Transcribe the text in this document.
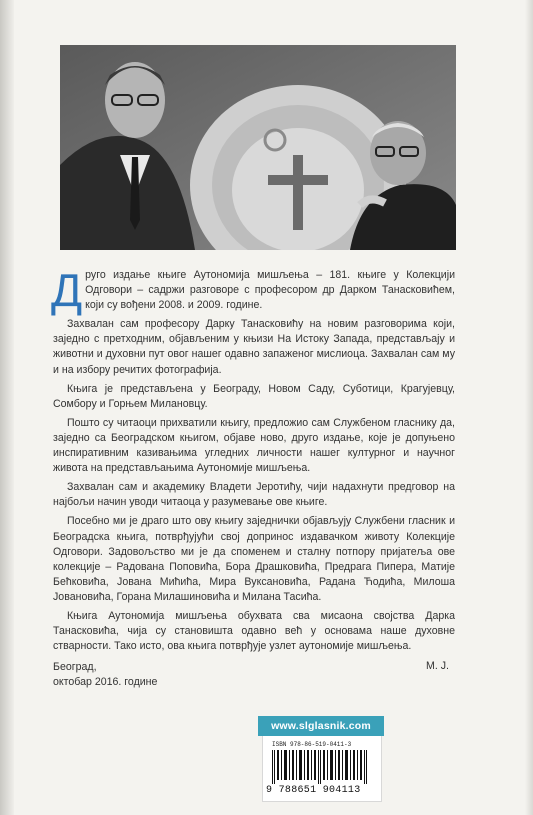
Друго издање књиге Аутономија мишљења – 181. књиге у Колекцији Одговори – садржи разговоре с професором др Дарком Танасковићем, који су вођени 2008. и 2009. године.

Захвалан сам професору Дарку Танасковићу на новим разговорима који, заједно с претходним, објављеним у књизи На Истоку Запада, представљају и животни и духовни пут овог нашег одавно запаженог мислиоца. Захвалан сам му и на избору речитих фотографија.

Књига је представљена у Београду, Новом Саду, Суботици, Крагујевцу, Сомбору и Горњем Милановцу.

Пошто су читаоци прихватили књигу, предложио сам Службеном гласнику да, заједно са Београдском књигом, објаве ново, друго издање, које је допуњено инспиративним казивањима угледних личности нашег културног и научног живота на представљањима Аутономије мишљења.

Захвалан сам и академику Владети Јеротићу, чији надахнути предговор на најбољи начин уводи читаоца у разумевање ове књиге.

Посебно ми је драго што ову књигу заједнички објављују Службени гласник и Београдска књига, потврђујући свој допринос издавачком животу Колекције Одговори. Задовољство ми је да споменем и сталну потпору пријатеља ове колекције – Радована Поповића, Бора Драшковића, Предрага Пипера, Матије Бећковића, Јована Мићића, Мира Вуксановића, Радана Ћодића, Милоша Јовановића, Горана Милашиновића и Милана Тасића.

Књига Аутономија мишљења обухвата сва мисаона својства Дарка Танасковића, чија су становишта одавно већ у основама наше духовне стварности. Тако исто, ова књига потврђује узлет аутономије мишљења.

Београд,
октобар 2016. године
М. Ј.
www.slglasnik.com
ISBN 978-86-519-0411-3
9 788651 904113
